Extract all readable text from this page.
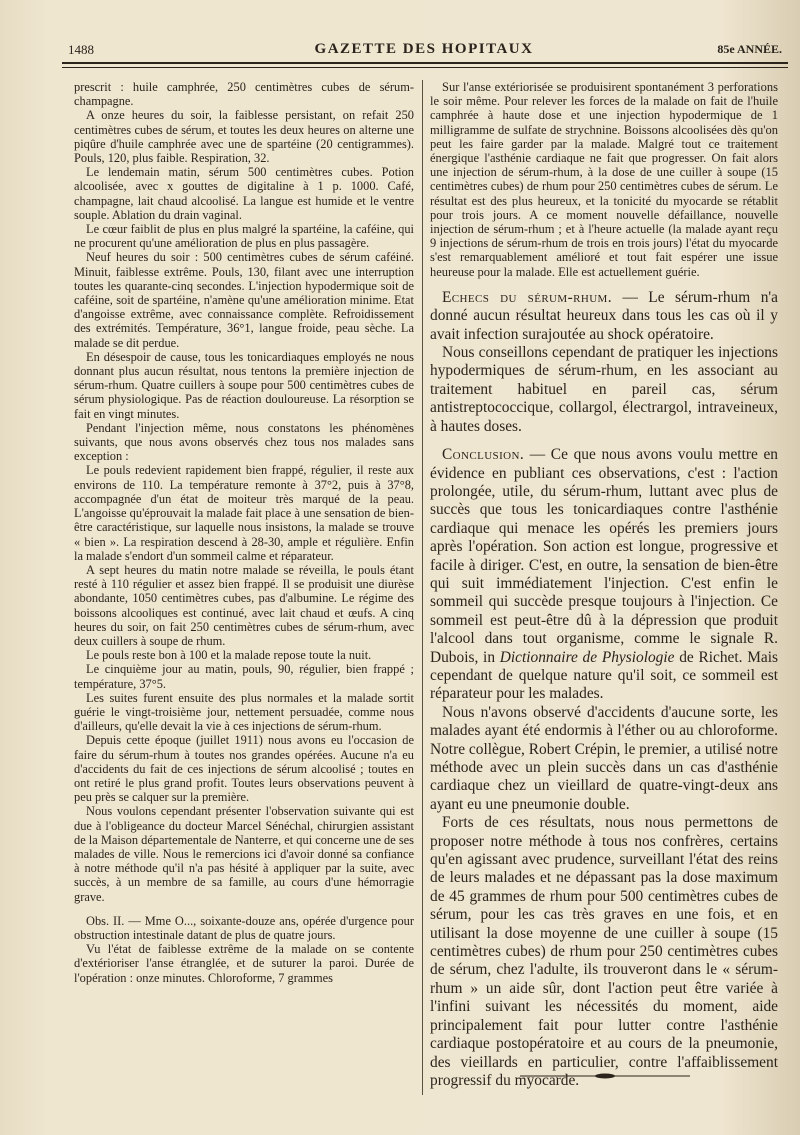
1488	GAZETTE DES HOPITAUX	85e ANNÉE.

prescrit : huile camphrée, 250 centimètres cubes de sérum-champagne.

A onze heures du soir, la faiblesse persistant, on refait 250 centimètres cubes de sérum, et toutes les deux heures on alterne une piqûre d'huile camphrée avec une de spartéine (20 centigrammes). Pouls, 120, plus faible. Respiration, 32.

Le lendemain matin, sérum 500 centimètres cubes. Potion alcoolisée, avec x gouttes de digitaline à 1 p. 1000. Café, champagne, lait chaud alcoolisé. La langue est humide et le ventre souple. Ablation du drain vaginal.

Le cœur faiblit de plus en plus malgré la spartéine, la caféine, qui ne procurent qu'une amélioration de plus en plus passagère.

Neuf heures du soir : 500 centimètres cubes de sérum caféiné. Minuit, faiblesse extrême. Pouls, 130, filant avec une interruption toutes les quarante-cinq secondes. L'injection hypodermique soit de caféine, soit de spartéine, n'amène qu'une amélioration minime. Etat d'angoisse extrême, avec connaissance complète. Refroidissement des extrémités. Température, 36°1, langue froide, peau sèche. La malade se dit perdue.

En désespoir de cause, tous les tonicardiaques employés ne nous donnant plus aucun résultat, nous tentons la première injection de sérum-rhum. Quatre cuillers à soupe pour 500 centimètres cubes de sérum physiologique. Pas de réaction douloureuse. La résorption se fait en vingt minutes.

Pendant l'injection même, nous constatons les phénomènes suivants, que nous avons observés chez tous nos malades sans exception :

Le pouls redevient rapidement bien frappé, régulier, il reste aux environs de 110. La température remonte à 37°2, puis à 37°8, accompagnée d'un état de moiteur très marqué de la peau. L'angoisse qu'éprouvait la malade fait place à une sensation de bien-être caractéristique, sur laquelle nous insistons, la malade se trouve « bien ». La respiration descend à 28-30, ample et régulière. Enfin la malade s'endort d'un sommeil calme et réparateur.

A sept heures du matin notre malade se réveilla, le pouls étant resté à 110 régulier et assez bien frappé. Il se produisit une diurèse abondante, 1050 centimètres cubes, pas d'albumine. Le régime des boissons alcooliques est continué, avec lait chaud et œufs. A cinq heures du soir, on fait 250 centimètres cubes de sérum-rhum, avec deux cuillers à soupe de rhum.

Le pouls reste bon à 100 et la malade repose toute la nuit.

Le cinquième jour au matin, pouls, 90, régulier, bien frappé ; température, 37°5.

Les suites furent ensuite des plus normales et la malade sortit guérie le vingt-troisième jour, nettement persuadée, comme nous d'ailleurs, qu'elle devait la vie à ces injections de sérum-rhum.

Depuis cette époque (juillet 1911) nous avons eu l'occasion de faire du sérum-rhum à toutes nos grandes opérées. Aucune n'a eu d'accidents du fait de ces injections de sérum alcoolisé ; toutes en ont retiré le plus grand profit. Toutes leurs observations peuvent à peu près se calquer sur la première.

Nous voulons cependant présenter l'observation suivante qui est due à l'obligeance du docteur Marcel Sénéchal, chirurgien assistant de la Maison départementale de Nanterre, et qui concerne une de ses malades de ville. Nous le remercions ici d'avoir donné sa confiance à notre méthode qu'il n'a pas hésité à appliquer par la suite, avec succès, à un membre de sa famille, au cours d'une hémorragie grave.

Obs. II. — Mme O..., soixante-douze ans, opérée d'urgence pour obstruction intestinale datant de plus de quatre jours.

Vu l'état de faiblesse extrême de la malade on se contente d'extérioriser l'anse étranglée, et de suturer la paroi. Durée de l'opération : onze minutes. Chloroforme, 7 grammes

Sur l'anse extériorisée se produisirent spontanément 3 perforations le soir même. Pour relever les forces de la malade on fait de l'huile camphrée à haute dose et une injection hypodermique de 1 milligramme de sulfate de strychnine. Boissons alcoolisées dès qu'on peut les faire garder par la malade. Malgré tout ce traitement énergique l'asthénie cardiaque ne fait que progresser. On fait alors une injection de sérum-rhum, à la dose de une cuiller à soupe (15 centimètres cubes) de rhum pour 250 centimètres cubes de sérum. Le résultat est des plus heureux, et la tonicité du myocarde se rétablit pour trois jours. A ce moment nouvelle défaillance, nouvelle injection de sérum-rhum ; et à l'heure actuelle (la malade ayant reçu 9 injections de sérum-rhum de trois en trois jours) l'état du myocarde s'est remarquablement amélioré et tout fait espérer une issue heureuse pour la malade. Elle est actuellement guérie.

Echecs du sérum-rhum. — Le sérum-rhum n'a donné aucun résultat heureux dans tous les cas où il y avait infection surajoutée au shock opératoire.

Nous conseillons cependant de pratiquer les injections hypodermiques de sérum-rhum, en les associant au traitement habituel en pareil cas, sérum antistreptococcique, collargol, électrargol, intraveineux, à hautes doses.

Conclusion. — Ce que nous avons voulu mettre en évidence en publiant ces observations, c'est : l'action prolongée, utile, du sérum-rhum, luttant avec plus de succès que tous les tonicardiaques contre l'asthénie cardiaque qui menace les opérés les premiers jours après l'opération. Son action est longue, progressive et facile à diriger. C'est, en outre, la sensation de bien-être qui suit immédiatement l'injection. C'est enfin le sommeil qui succède presque toujours à l'injection. Ce sommeil est peut-être dû à la dépression que produit l'alcool dans tout organisme, comme le signale R. Dubois, in Dictionnaire de Physiologie de Richet. Mais cependant de quelque nature qu'il soit, ce sommeil est réparateur pour les malades.

Nous n'avons observé d'accidents d'aucune sorte, les malades ayant été endormis à l'éther ou au chloroforme. Notre collègue, Robert Crépin, le premier, a utilisé notre méthode avec un plein succès dans un cas d'asthénie cardiaque chez un vieillard de quatre-vingt-deux ans ayant eu une pneumonie double.

Forts de ces résultats, nous nous permettons de proposer notre méthode à tous nos confrères, certains qu'en agissant avec prudence, surveillant l'état des reins de leurs malades et ne dépassant pas la dose maximum de 45 grammes de rhum pour 500 centimètres cubes de sérum, pour les cas très graves en une fois, et en utilisant la dose moyenne de une cuiller à soupe (15 centimètres cubes) de rhum pour 250 centimètres cubes de sérum, chez l'adulte, ils trouveront dans le « sérum-rhum » un aide sûr, dont l'action peut être variée à l'infini suivant les nécessités du moment, aide principalement fait pour lutter contre l'asthénie cardiaque postopératoire et au cours de la pneumonie, des vieillards en particulier, contre l'affaiblissement progressif du myocarde.
